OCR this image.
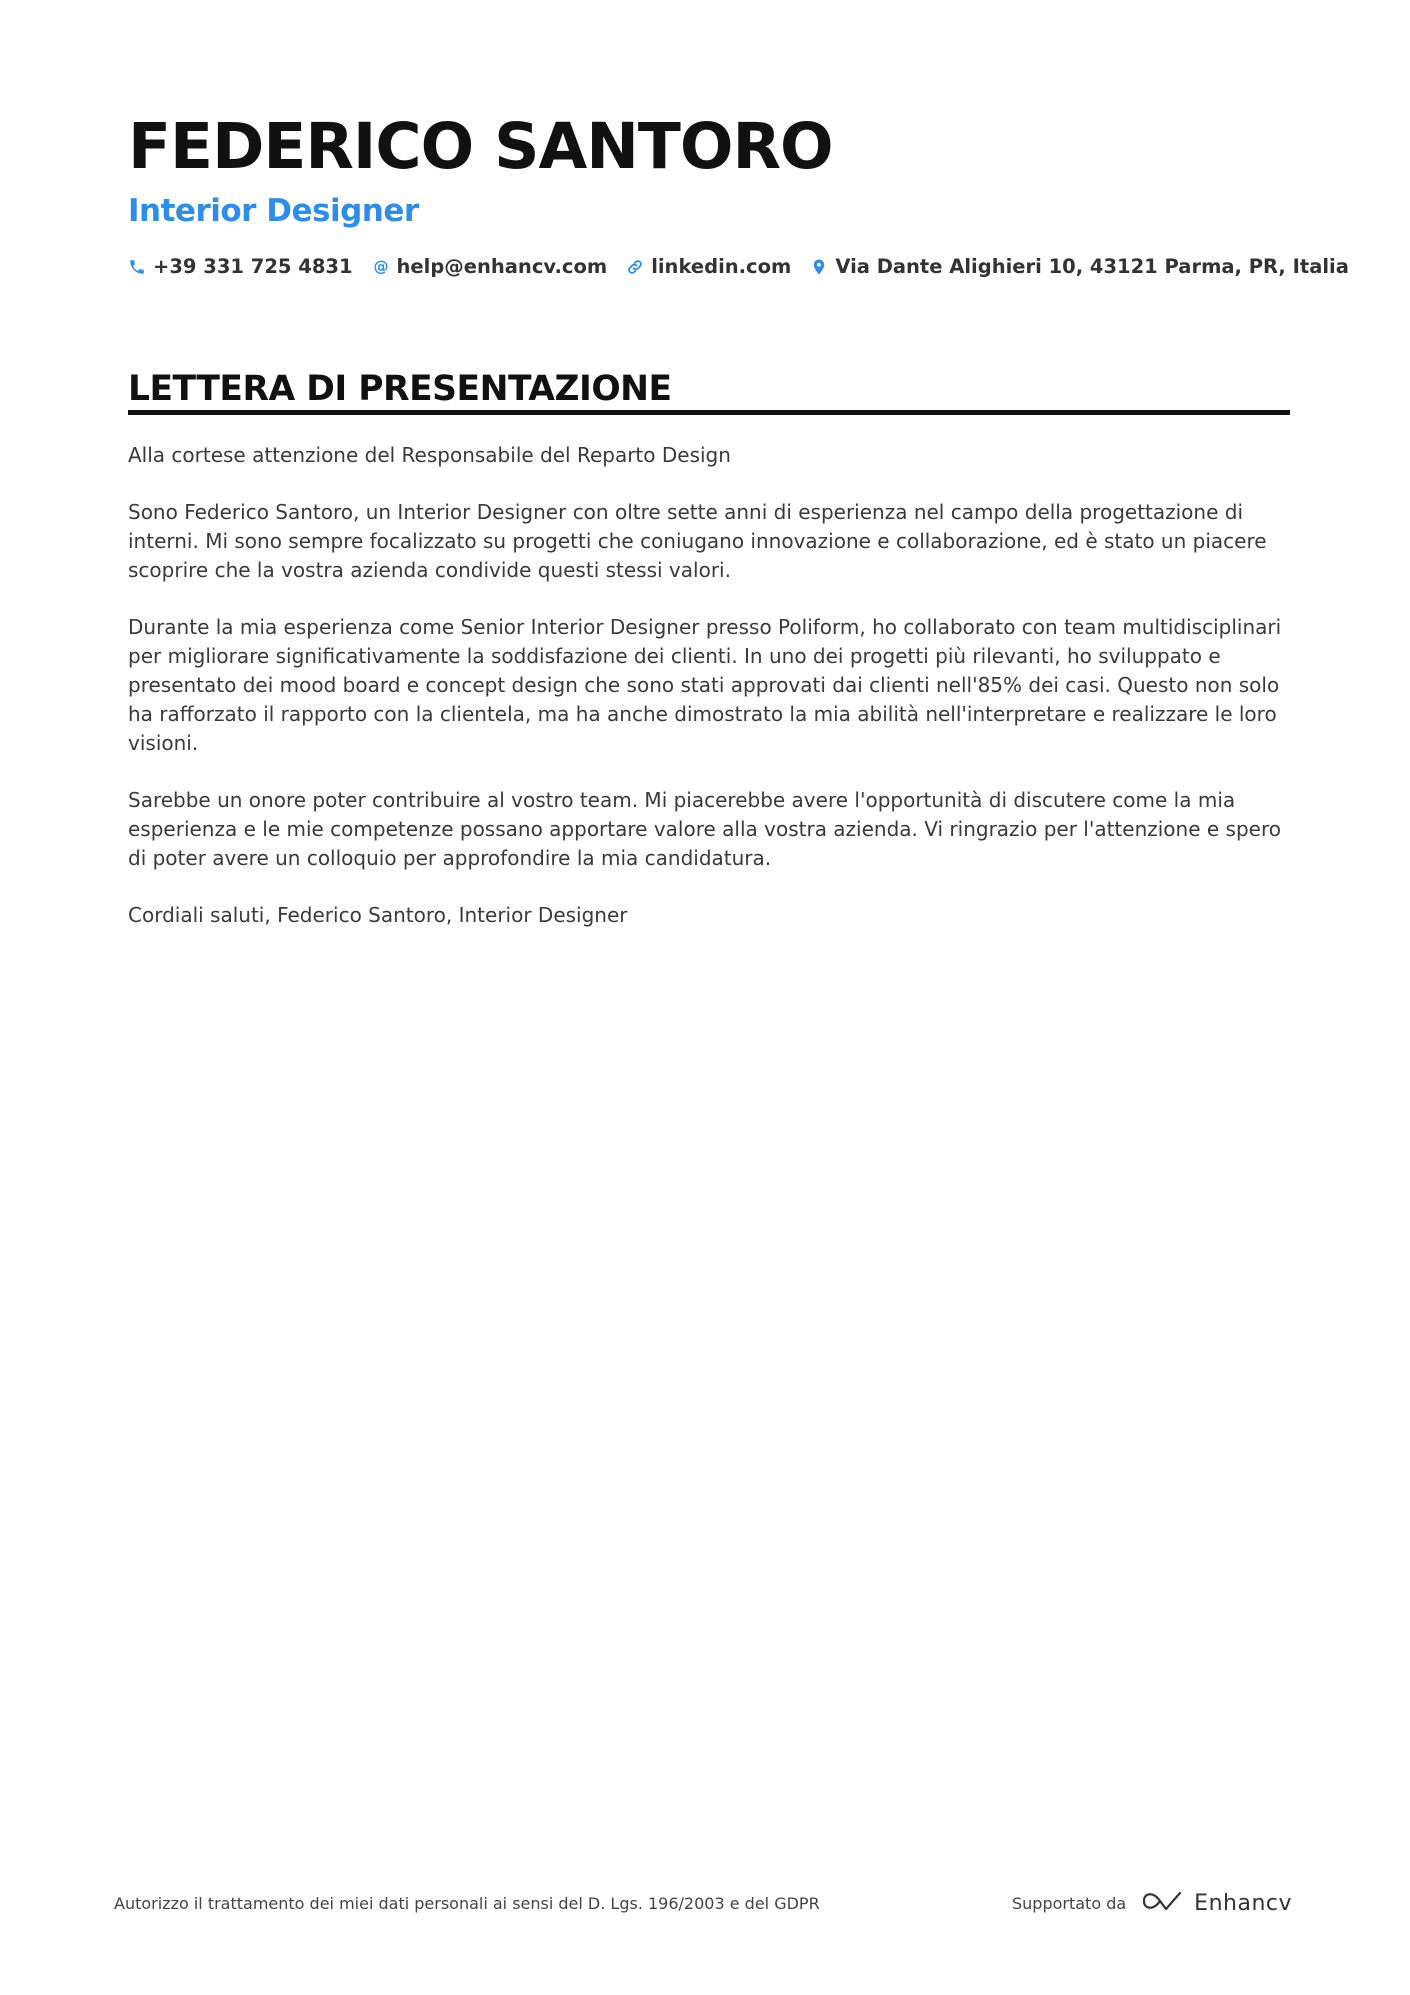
FEDERICO SANTORO
Interior Designer
+39 331 725 4831 @ help@enhancv.com linkedin.com Via Dante Alighieri 10, 43121 Parma, PR, Italia
LETTERA DI PRESENTAZIONE

Alla cortese attenzione del Responsabile del Reparto Design

Sono Federico Santoro, un Interior Designer con oltre sette anni di esperienza nel campo della progettazione di interni. Mi sono sempre focalizzato su progetti che coniugano innovazione e collaborazione, ed è stato un piacere scoprire che la vostra azienda condivide questi stessi valori.

Durante la mia esperienza come Senior Interior Designer presso Poliform, ho collaborato con team multidisciplinari per migliorare significativamente la soddisfazione dei clienti. In uno dei progetti più rilevanti, ho sviluppato e presentato dei mood board e concept design che sono stati approvati dai clienti nell'85% dei casi. Questo non solo ha rafforzato il rapporto con la clientela, ma ha anche dimostrato la mia abilità nell'interpretare e realizzare le loro visioni.

Sarebbe un onore poter contribuire al vostro team. Mi piacerebbe avere l'opportunità di discutere come la mia esperienza e le mie competenze possano apportare valore alla vostra azienda. Vi ringrazio per l'attenzione e spero di poter avere un colloquio per approfondire la mia candidatura.

Cordiali saluti, Federico Santoro, Interior Designer

Autorizzo il trattamento dei miei dati personali ai sensi del D. Lgs. 196/2003 e del GDPR	Supportato da	Enhancv
